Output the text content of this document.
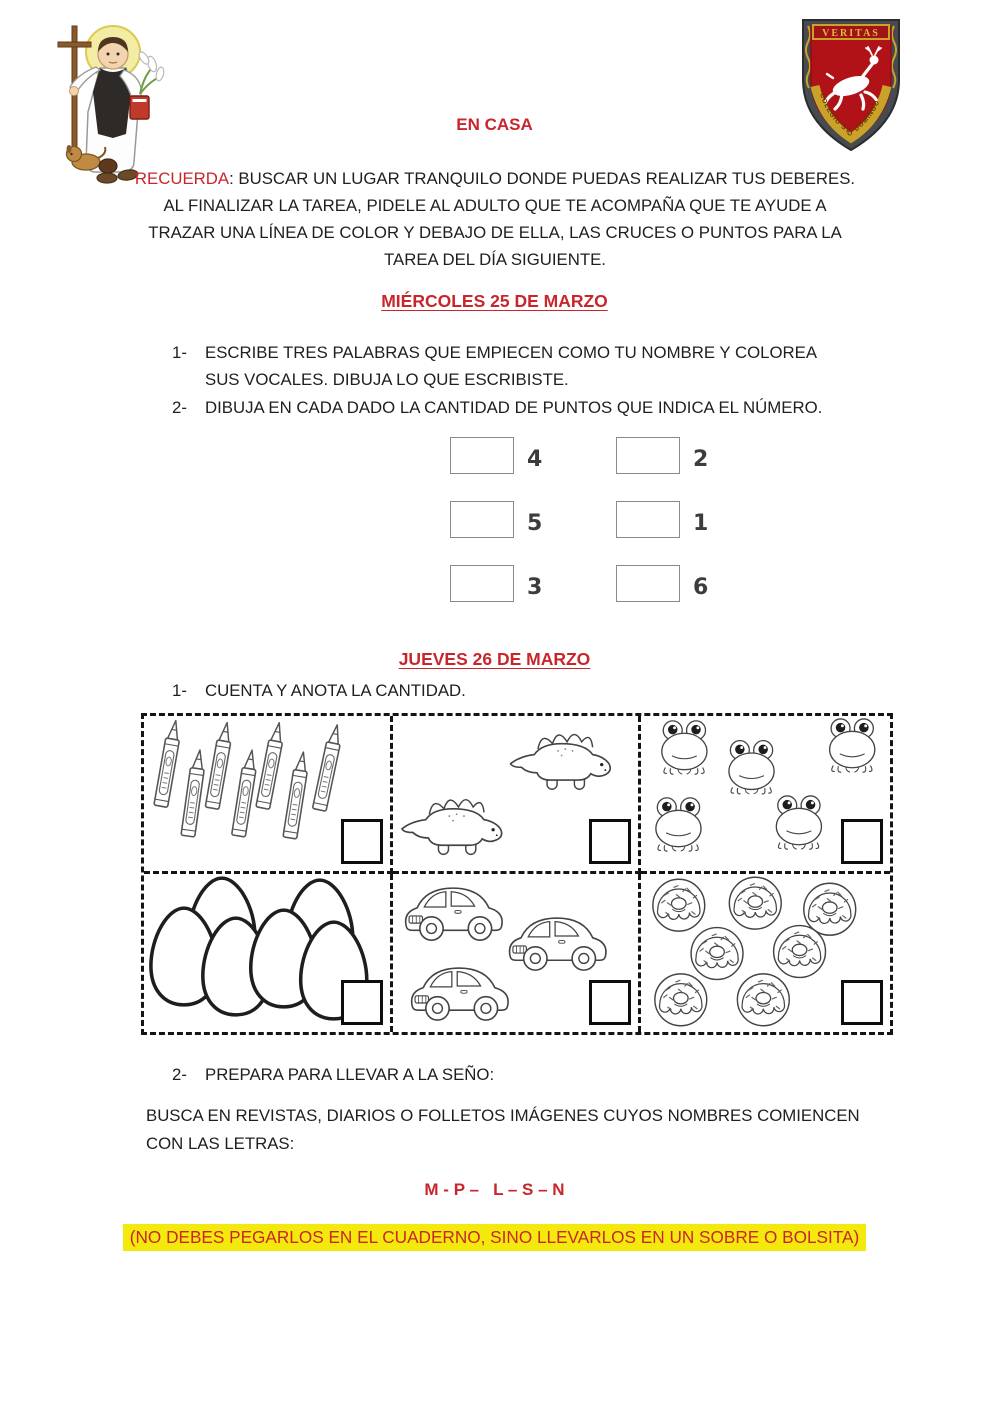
VERITAS
COLEGIO STO DOMINGO
EN CASA

RECUERDA: BUSCAR UN LUGAR TRANQUILO DONDE PUEDAS REALIZAR TUS DEBERES. AL FINALIZAR LA TAREA, PIDELE AL ADULTO QUE TE ACOMPAÑA QUE TE AYUDE A TRAZAR UNA LÍNEA DE COLOR Y DEBAJO DE ELLA, LAS CRUCES O PUNTOS PARA LA TAREA DEL DÍA SIGUIENTE.

MIÉRCOLES 25 DE MARZO
1-	ESCRIBE TRES PALABRAS QUE EMPIECEN COMO TU NOMBRE Y COLOREA SUS VOCALES. DIBUJA LO QUE ESCRIBISTE.
2-	DIBUJA EN CADA DADO LA CANTIDAD DE PUNTOS QUE INDICA EL NÚMERO.
4	2
5	1
3	6
JUEVES 26 DE MARZO
1-	CUENTA Y ANOTA LA CANTIDAD.
2-	PREPARA PARA LLEVAR A LA SEÑO:

BUSCA EN REVISTAS, DIARIOS O FOLLETOS IMÁGENES CUYOS NOMBRES COMIENCEN CON LAS LETRAS:

M - P –   L – S – N
(NO DEBES PEGARLOS EN EL CUADERNO, SINO LLEVARLOS EN UN SOBRE O BOLSITA)
